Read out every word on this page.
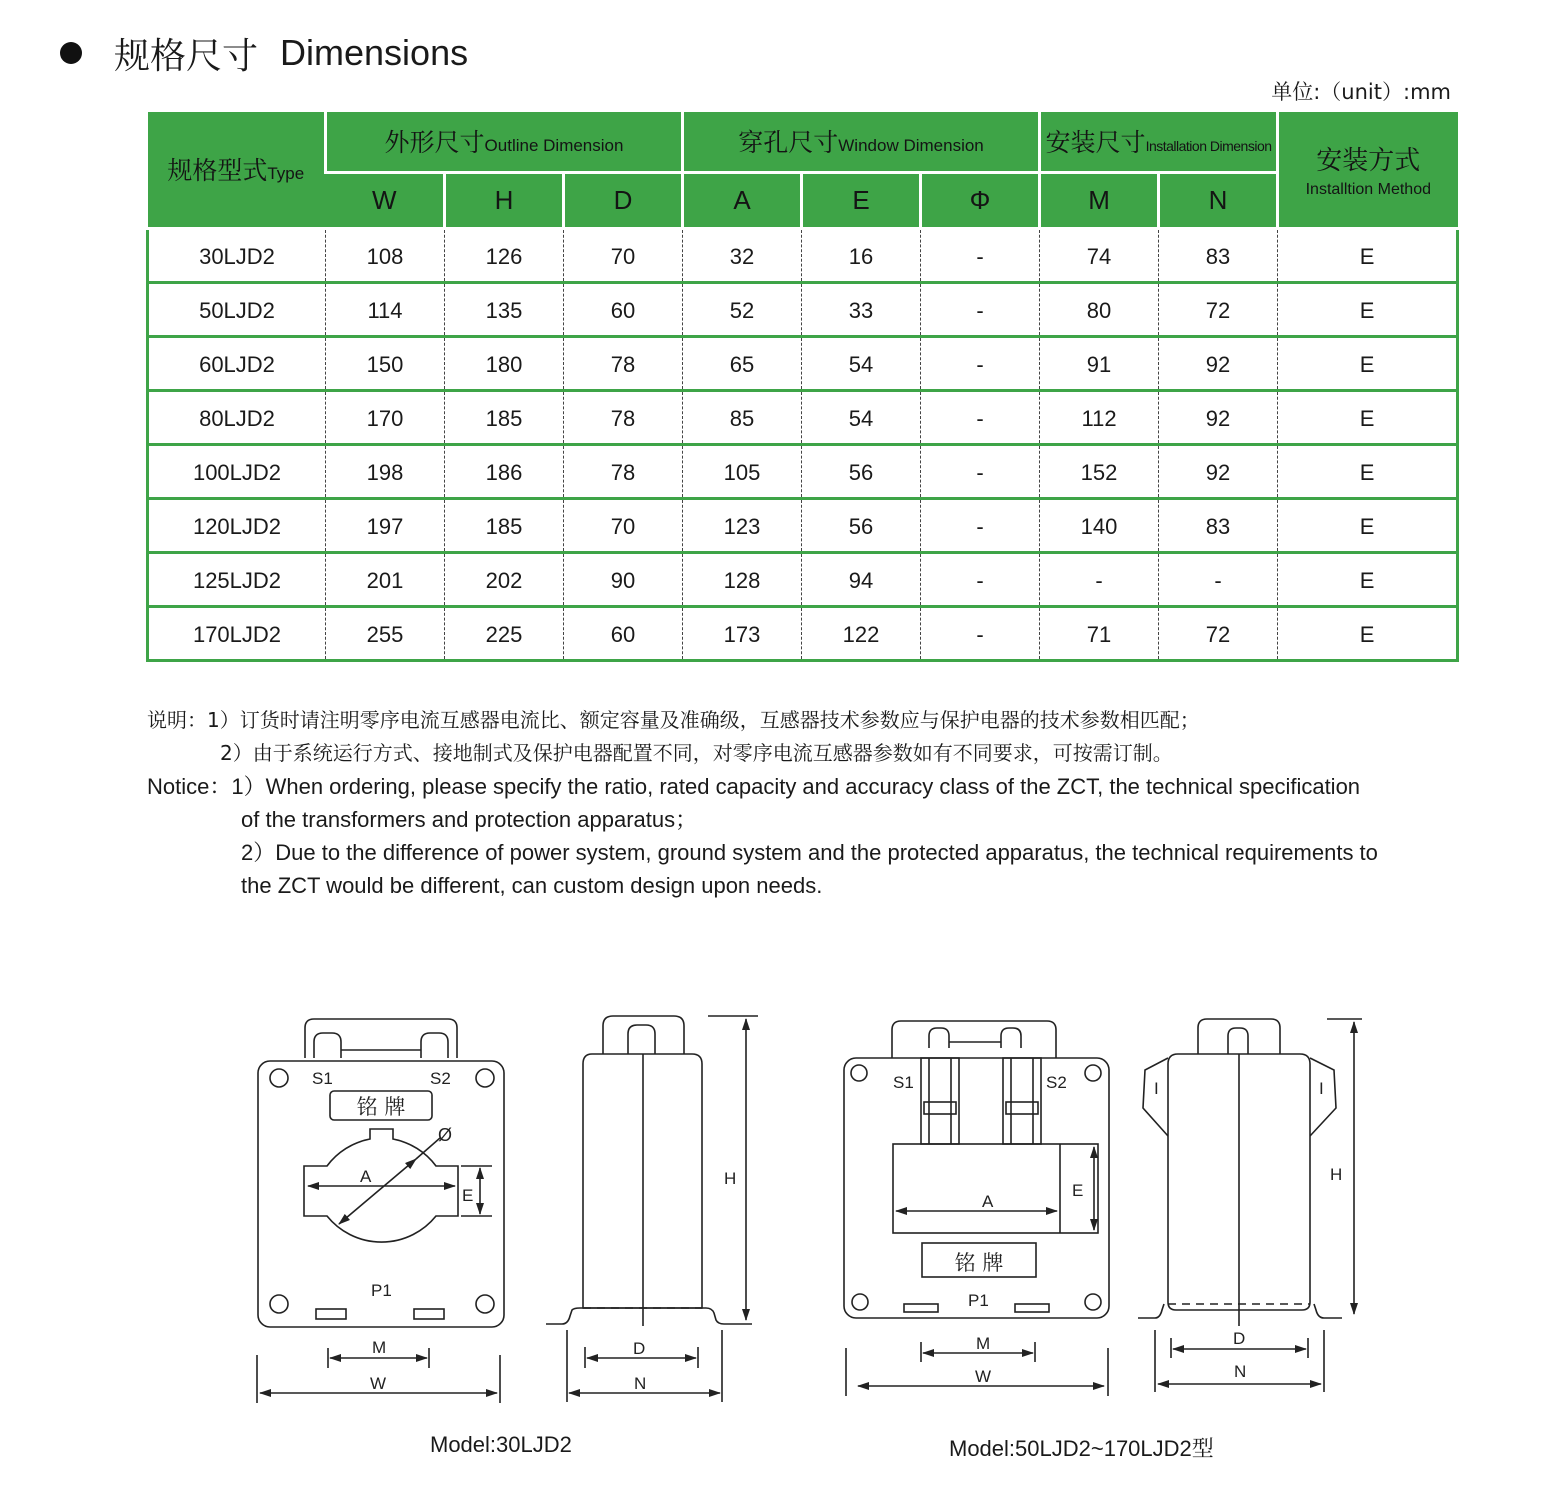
规格尺寸 Dimensions
单位:（unit）:mm
规格型式Type	外形尺寸Outline Dimension			穿孔尺寸Window Dimension			安装尺寸Installation Dimension		安装方式
Installtion Method

	W	H	D	A	E	Φ	M	N	
30LJD2	108	126	70	32	16	-	74	83	E
50LJD2	114	135	60	52	33	-	80	72	E
60LJD2	150	180	78	65	54	-	91	92	E
80LJD2	170	185	78	85	54	-	112	92	E
100LJD2	198	186	78	105	56	-	152	92	E
120LJD2	197	185	70	123	56	-	140	83	E
125LJD2	201	202	90	128	94	-	-	-	E
170LJD2	255	225	60	173	122	-	71	72	E
说明：1）订货时请注明零序电流互感器电流比、额定容量及准确级，互感器技术参数应与保护电器的技术参数相匹配；
2）由于系统运行方式、接地制式及保护电器配置不同，对零序电流互感器参数如有不同要求，可按需订制。
Notice：1）When ordering, please specify the ratio, rated capacity and accuracy class of the ZCT, the technical specification
of the transformers and protection apparatus；
2）Due to the difference of power system, ground system and the protected apparatus, the technical requirements to
the ZCT would be different, can custom design upon needs.
S1	S2
铭 牌
A
E
Ø
P1
M
W
H
D
N
S1	S2
A
E
铭 牌
P1
M
W
I	I
H
D
N
Model:30LJD2	Model:50LJD2~170LJD2型
